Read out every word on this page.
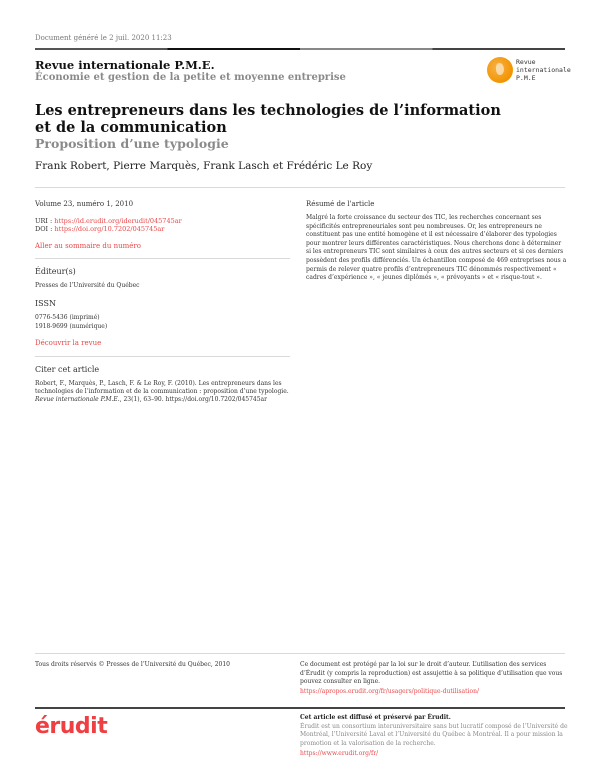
Document généré le 2 juil. 2020 11:23
Revue internationale P.M.E.
Économie et gestion de la petite et moyenne entreprise
Revue
internationale
P.M.E
Les entrepreneurs dans les technologies de l’information et de la communication
Proposition d’une typologie
Frank Robert, Pierre Marquès, Frank Lasch et Frédéric Le Roy
Volume 23, numéro 1, 2010
URI : https://id.erudit.org/iderudit/045745ar
DOI : https://doi.org/10.7202/045745ar
Aller au sommaire du numéro
Éditeur(s)
Presses de l’Université du Québec
ISSN
0776-5436 (imprimé)
1918-9699 (numérique)
Découvrir la revue
Citer cet article
Robert, F., Marquès, P., Lasch, F. & Le Roy, F. (2010). Les entrepreneurs dans les technologies de l’information et de la communication : proposition d’une typologie. Revue internationale P.M.E., 23(1), 63–90. https://doi.org/10.7202/045745ar
Résumé de l'article
Malgré la forte croissance du secteur des TIC, les recherches concernant ses spécificités entrepreneuriales sont peu nombreuses. Or, les entrepreneurs ne constituent pas une entité homogène et il est nécessaire d’élaborer des typologies pour montrer leurs différentes caractéristiques. Nous cherchons donc à déterminer si les entrepreneurs TIC sont similaires à ceux des autres secteurs et si ces derniers possèdent des profils différenciés. Un échantillon composé de 469 entreprises nous a permis de relever quatre profils d’entrepreneurs TIC dénommés respectivement « cadres d’expérience », « jeunes diplômés », « prévoyants » et « risque-tout ».
Tous droits réservés © Presses de l’Université du Québec, 2010	Ce document est protégé par la loi sur le droit d’auteur. L’utilisation des services d’Érudit (y compris la reproduction) est assujettie à sa politique d’utilisation que vous pouvez consulter en ligne.
https://apropos.erudit.org/fr/usagers/politique-dutilisation/
érudit	Cet article est diffusé et préservé par Érudit.
Érudit est un consortium interuniversitaire sans but lucratif composé de l’Université de Montréal, l’Université Laval et l’Université du Québec à Montréal. Il a pour mission la promotion et la valorisation de la recherche.
https://www.erudit.org/fr/
